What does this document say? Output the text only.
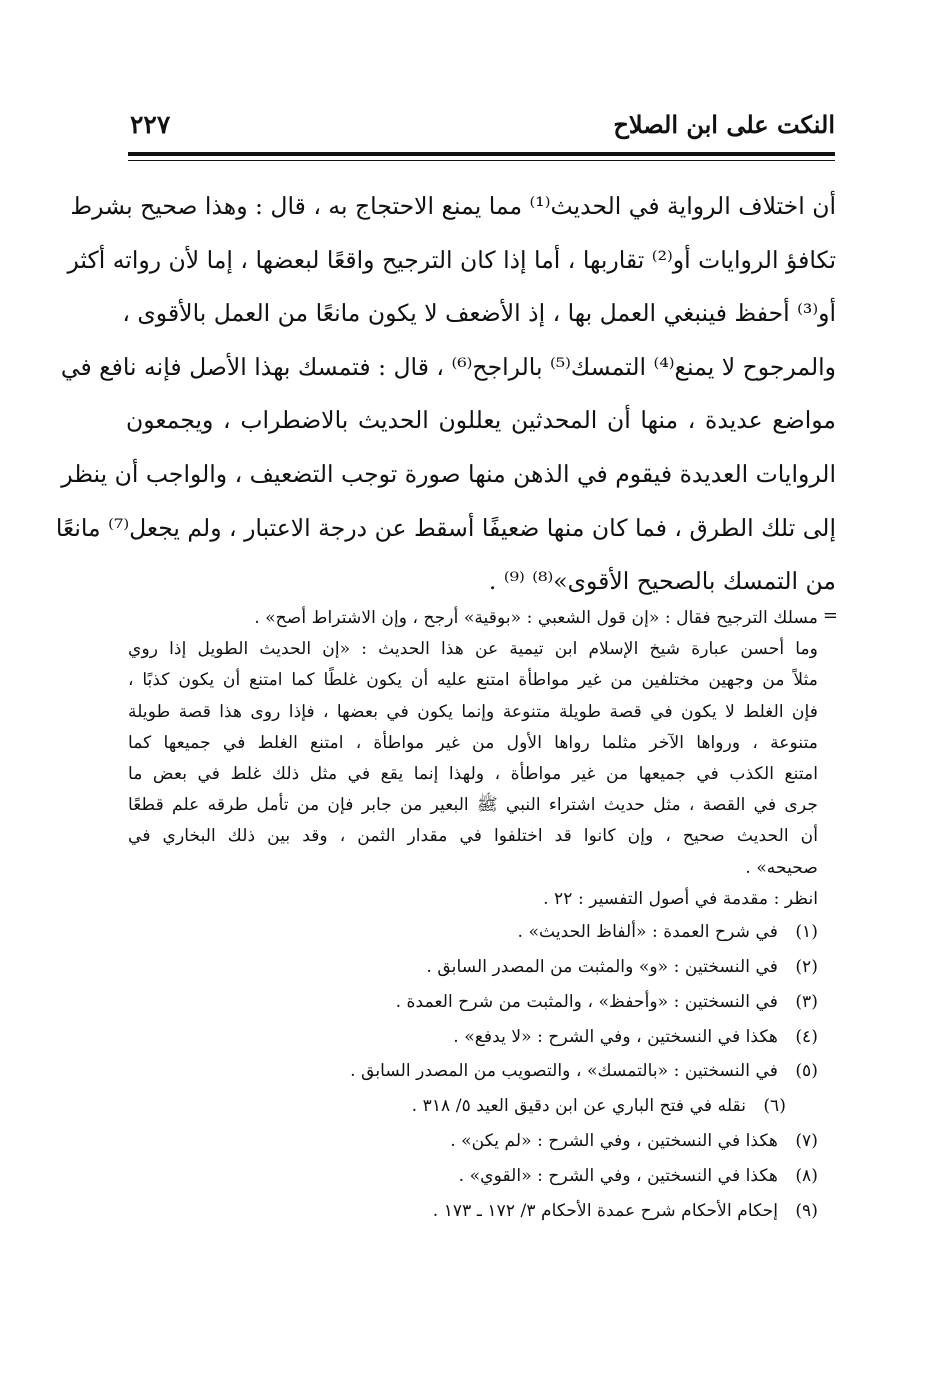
النكت على ابن الصلاح
٢٢٧
أن اختلاف الرواية في الحديث⁽¹⁾ مما يمنع الاحتجاج به ، قال : وهذا صحيح بشرط
تكافؤ الروايات أو⁽²⁾ تقاربها ، أما إذا كان الترجيح واقعًا لبعضها ، إما لأن رواته أكثر
أو⁽³⁾ أحفظ فينبغي العمل بها ، إذ الأضعف لا يكون مانعًا من العمل بالأقوى ،
والمرجوح لا يمنع⁽⁴⁾ التمسك⁽⁵⁾ بالراجح⁽⁶⁾ ، قال : فتمسك بهذا الأصل فإنه نافع في
مواضع عديدة ، منها أن المحدثين يعللون الحديث بالاضطراب ، ويجمعون
الروايات العديدة فيقوم في الذهن منها صورة توجب التضعيف ، والواجب أن ينظر
إلى تلك الطرق ، فما كان منها ضعيفًا أسقط عن درجة الاعتبار ، ولم يجعل⁽⁷⁾ مانعًا
من التمسك بالصحيح الأقوى»⁽⁸⁾ ⁽⁹⁾ .
=
مسلك الترجيح فقال : «إن قول الشعبي : «بوقية» أرجح ، وإن الاشتراط أصح» .
وما أحسن عبارة شيخ الإسلام ابن تيمية عن هذا الحديث : «إن الحديث الطويل إذا روي
مثلاً من وجهين مختلفين من غير مواطأة امتنع عليه أن يكون غلطًا كما امتنع أن يكون كذبًا ،
فإن الغلط لا يكون في قصة طويلة متنوعة وإنما يكون في بعضها ، فإذا روى هذا قصة طويلة
متنوعة ، ورواها الآخر مثلما رواها الأول من غير مواطأة ، امتنع الغلط في جميعها كما
امتنع الكذب في جميعها من غير مواطأة ، ولهذا إنما يقع في مثل ذلك غلط في بعض ما
جرى في القصة ، مثل حديث اشتراء النبي ﷺ البعير من جابر فإن من تأمل طرقه علم قطعًا
أن الحديث صحيح ، وإن كانوا قد اختلفوا في مقدار الثمن ، وقد بين ذلك البخاري في
صحيحه» .
انظر : مقدمة في أصول التفسير : ٢٢ .
(١)في شرح العمدة : «ألفاظ الحديث» .
(٢)في النسختين : «و» والمثبت من المصدر السابق .
(٣)في النسختين : «وأحفظ» ، والمثبت من شرح العمدة .
(٤)هكذا في النسختين ، وفي الشرح : «لا يدفع» .
(٥)في النسختين : «بالتمسك» ، والتصويب من المصدر السابق .
(٦)نقله في فتح الباري عن ابن دقيق العيد ٥/ ٣١٨ .
(٧)هكذا في النسختين ، وفي الشرح : «لم يكن» .
(٨)هكذا في النسختين ، وفي الشرح : «القوي» .
(٩)إحكام الأحكام شرح عمدة الأحكام ٣/ ١٧٢ ـ ١٧٣ .
